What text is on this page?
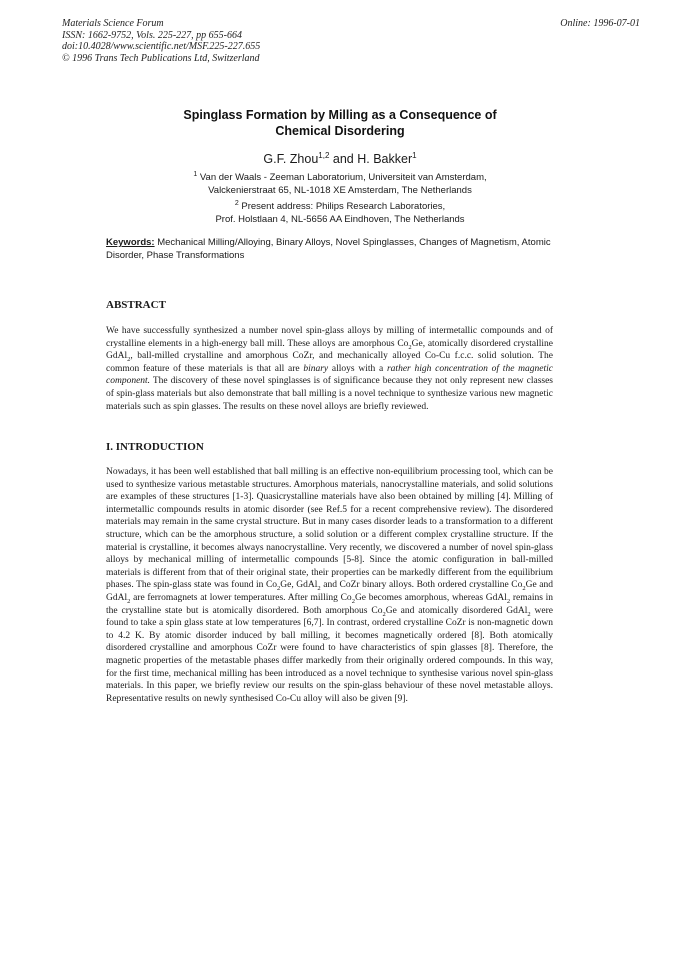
Materials Science Forum
ISSN: 1662-9752, Vols. 225-227, pp 655-664
doi:10.4028/www.scientific.net/MSF.225-227.655
© 1996 Trans Tech Publications Ltd, Switzerland
Online: 1996-07-01
Spinglass Formation by Milling as a Consequence of
Chemical Disordering
G.F. Zhou$^{1,2}$ and H. Bakker$^1$
$^1$ Van der Waals - Zeeman Laboratorium, Universiteit van Amsterdam,
Valckenierstraat 65, NL-1018 XE Amsterdam, The Netherlands
$^2$ Present address: Philips Research Laboratories,
Prof. Holstlaan 4, NL-5656 AA Eindhoven, The Netherlands
Keywords: Mechanical Milling/Alloying, Binary Alloys, Novel Spinglasses, Changes of Magnetism, Atomic Disorder, Phase Transformations
ABSTRACT
We have successfully synthesized a number novel spin-glass alloys by milling of intermetallic compounds and of crystalline elements in a high-energy ball mill. These alloys are amorphous $Co_2Ge$, atomically disordered crystalline GdAl$_2$, ball-milled crystalline and amorphous CoZr, and mechanically alloyed Co-Cu f.c.c. solid solution. The common feature of these materials is that all are binary alloys with a rather high concentration of the magnetic component. The discovery of these novel spinglasses is of significance because they not only represent new classes of spin-glass materials but also demonstrate that ball milling is a novel technique to synthesize various new magnetic materials such as spin glasses. The results on these novel alloys are briefly reviewed.
I. INTRODUCTION
Nowadays, it has been well established that ball milling is an effective non-equilibrium processing tool, which can be used to synthesize various metastable structures. Amorphous materials, nanocrystalline materials, and solid solutions are examples of these structures [1-3]. Quasicrystalline materials have also been obtained by milling [4]. Milling of intermetallic compounds results in atomic disorder (see Ref.5 for a recent comprehensive review). The disordered materials may remain in the same crystal structure. But in many cases disorder leads to a transformation to a different structure, which can be the amorphous structure, a solid solution or a different complex crystalline structure. If the material is crystalline, it becomes always nanocrystalline. Very recently, we discovered a number of novel spin-glass alloys by mechanical milling of intermetallic compounds [5-8]. Since the atomic configuration in ball-milled materials is different from that of their original state, their properties can be markedly different from the equilibrium phases. The spin-glass state was found in $Co_2Ge$, GdAl$_2$ and CoZr binary alloys. Both ordered crystalline $Co_2Ge$ and GdAl$_2$ are ferromagnets at lower temperatures. After milling $Co_2Ge$ becomes amorphous, whereas GdAl$_2$ remains in the crystalline state but is atomically disordered. Both amorphous $Co_2Ge$ and atomically disordered GdAl$_2$ were found to take a spin glass state at low temperatures [6,7]. In contrast, ordered crystalline CoZr is non-magnetic down to 4.2 K. By atomic disorder induced by ball milling, it becomes magnetically ordered [8]. Both atomically disordered crystalline and amorphous CoZr were found to have characteristics of spin glasses [8]. Therefore, the magnetic properties of the metastable phases differ markedly from their originally ordered compounds. In this way, for the first time, mechanical milling has been introduced as a novel technique to synthesise various novel spin-glass materials. In this paper, we briefly review our results on the spin-glass behaviour of these novel metastable alloys. Representative results on newly synthesised Co-Cu alloy will also be given [9].
